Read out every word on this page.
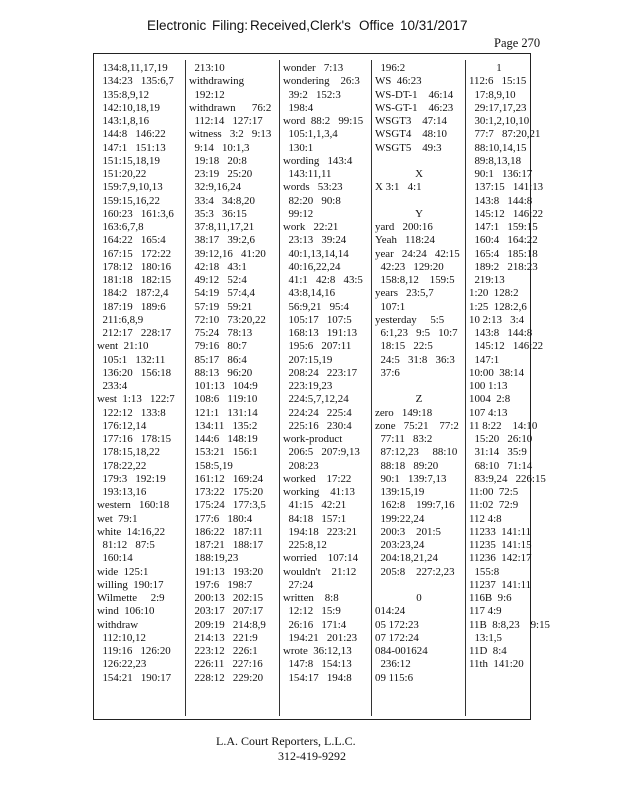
Electronic Filing: Received,Clerk's Office 10/31/2017
Page 270
134:8,11,17,19
134:23   135:6,7
135:8,9,12
142:10,18,19
143:1,8,16
144:8   146:22
147:1   151:13
151:15,18,19
151:20,22
159:7,9,10,13
159:15,16,22
160:23   161:3,6
163:6,7,8
164:22   165:4
167:15   172:22
178:12   180:16
181:18   182:15
184:2   187:2,4
187:19   189:6
211:6,8,9
212:17   228:17
went  21:10
105:1   132:11
136:20   156:18
233:4
west  1:13   122:7
122:12   133:8
176:12,14
177:16   178:15
178:15,18,22
178:22,22
179:3   192:19
193:13,16
western   160:18
wet  79:1
white  14:16,22
81:12   87:5
160:14
wide  125:1
willing  190:17
Wilmette     2:9
wind  106:10
withdraw
112:10,12
119:16   126:20
126:22,23
154:21   190:17
213:10
withdrawing
192:12
withdrawn      76:2
112:14   127:17
witness   3:2   9:13
9:14   10:1,3
19:18   20:8
23:19   25:20
32:9,16,24
33:4   34:8,20
35:3   36:15
37:8,11,17,21
38:17   39:2,6
39:12,16   41:20
42:18   43:1
49:12   52:4
54:19   57:4,4
57:19   59:21
72:10   73:20,22
75:24   78:13
79:16   80:7
85:17   86:4
88:13   96:20
101:13   104:9
108:6   119:10
121:1   131:14
134:11   135:2
144:6   148:19
153:21   156:1
158:5,19
161:12   169:24
173:22   175:20
175:24   177:3,5
177:6   180:4
186:22   187:11
187:21   188:17
188:19,23
191:13   193:20
197:6   198:7
200:13   202:15
203:17   207:17
209:19   214:8,9
214:13   221:9
223:12   226:1
226:11   227:16
228:12   229:20
wonder   7:13
wondering    26:3
39:2   152:3
198:4
word  88:2   99:15
105:1,1,3,4
130:1
wording   143:4
143:11,11
words   53:23
82:20   90:8
99:12
work   22:21
23:13   39:24
40:1,13,14,14
40:16,22,24
41:1   42:8   43:5
43:8,14,16
56:9,21   95:4
105:17   107:5
168:13   191:13
195:6   207:11
207:15,19
208:24   223:17
223:19,23
224:5,7,12,24
224:24   225:4
225:16   230:4
work-product
206:5   207:9,13
208:23
worked    17:22
working    41:13
41:15   42:21
84:18   157:1
194:18   223:21
225:8,12
worried    107:14
wouldn't    21:12
27:24
written    8:8
12:12   15:9
26:16   171:4
194:21   201:23
wrote  36:12,13
147:8   154:13
154:17   194:8
196:2
WS  46:23
WS-DT-1    46:14
WS-GT-1    46:23
WSGT3    47:14
WSGT4    48:10
WSGT5    49:3
X
X 3:1   4:1
Y
yard   200:16
Yeah   118:24
year   24:24   42:15
42:23   129:20
158:8,12    159:5
years   23:5,7
107:1
yesterday     5:5
6:1,23   9:5   10:7
18:15   22:5
24:5   31:8   36:3
37:6
Z
zero   149:18
zone   75:21    77:2
77:11   83:2
87:12,23     88:10
88:18   89:20
90:1   139:7,13
139:15,19
162:8    199:7,16
199:22,24
200:3    201:5
203:23,24
204:18,21,24
205:8    227:2,23
0
014:24
05 172:23
07 172:24
084-001624
236:12
09 115:6
1
112:6   15:15
17:8,9,10
29:17,17,23
30:1,2,10,10
77:7   87:20,21
88:10,14,15
89:8,13,18
90:1   136:17
137:15   141:13
143:8   144:8
145:12   146:22
147:1   159:15
160:4   164:22
165:4   185:18
189:2   218:23
219:13
1:20  128:2
1:25  128:2,6
10 2:13   3:4
143:8   144:8
145:12   146:22
147:1
10:00  38:14
100 1:13
1004  2:8
107 4:13
11 8:22    14:10
15:20   26:10
31:14   35:9
68:10   71:14
83:9,24   226:15
11:00  72:5
11:02  72:9
112 4:8
11233  141:11
11235  141:15
11236  142:17
155:8
11237  141:11
116B  9:6
117 4:9
11B  8:8,23    9:15
13:1,5
11D  8:4
11th  141:20
L.A. Court Reporters, L.L.C.
312-419-9292
